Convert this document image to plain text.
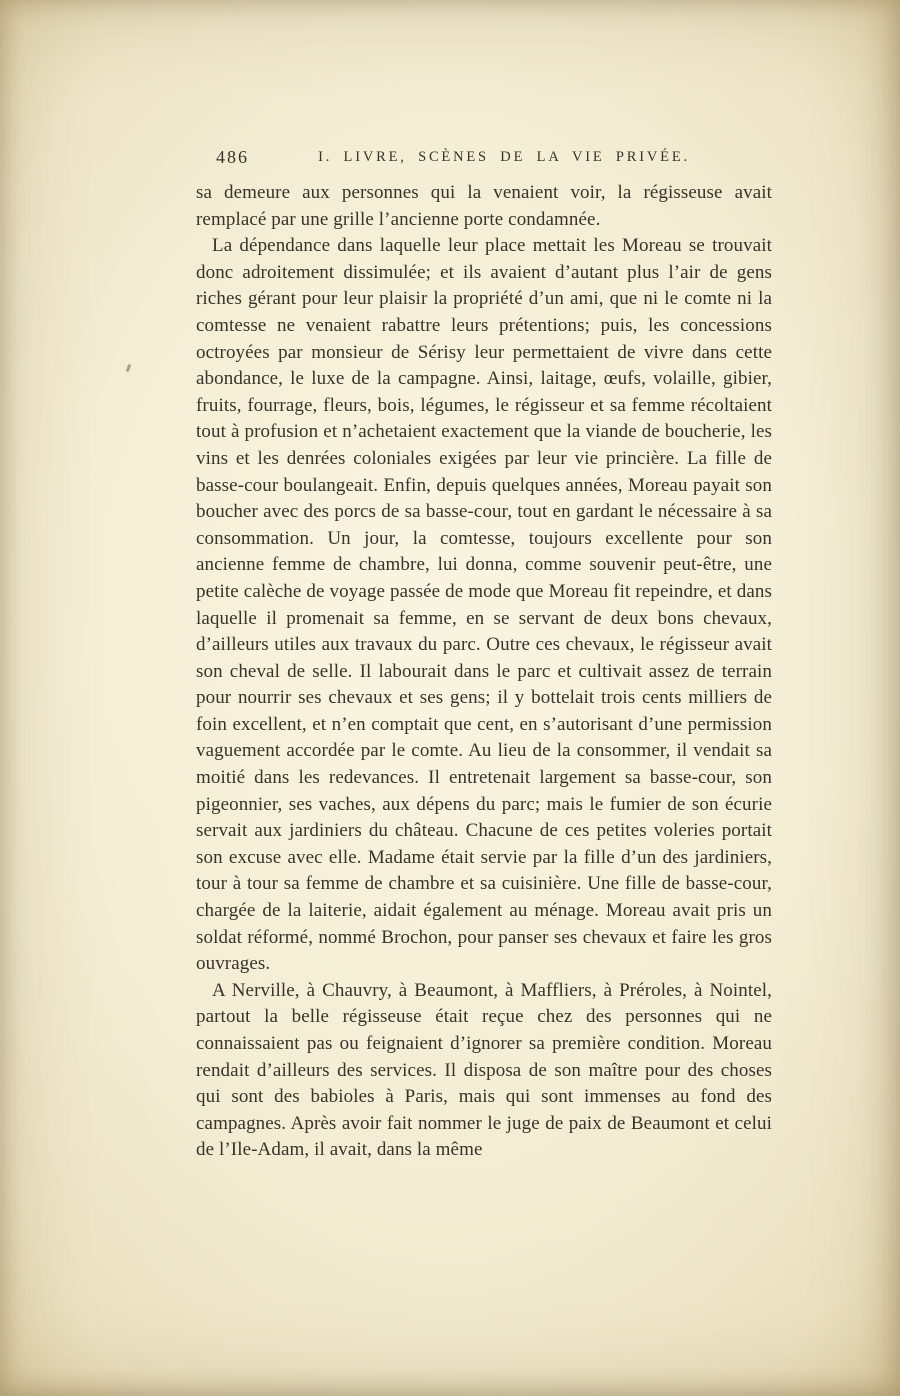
486	I. LIVRE, SCÈNES DE LA VIE PRIVÉE.

sa demeure aux personnes qui la venaient voir, la régisseuse avait remplacé par une grille l’ancienne porte condamnée.

La dépendance dans laquelle leur place mettait les Moreau se trouvait donc adroitement dissimulée; et ils avaient d’autant plus l’air de gens riches gérant pour leur plaisir la propriété d’un ami, que ni le comte ni la comtesse ne venaient rabattre leurs prétentions; puis, les concessions octroyées par monsieur de Sérisy leur permettaient de vivre dans cette abondance, le luxe de la campagne. Ainsi, laitage, œufs, volaille, gibier, fruits, fourrage, fleurs, bois, légumes, le régisseur et sa femme récoltaient tout à profusion et n’achetaient exactement que la viande de boucherie, les vins et les denrées coloniales exigées par leur vie princière. La fille de basse-cour boulangeait. Enfin, depuis quelques années, Moreau payait son boucher avec des porcs de sa basse-cour, tout en gardant le nécessaire à sa consommation. Un jour, la comtesse, toujours excellente pour son ancienne femme de chambre, lui donna, comme souvenir peut-être, une petite calèche de voyage passée de mode que Moreau fit repeindre, et dans laquelle il promenait sa femme, en se servant de deux bons chevaux, d’ailleurs utiles aux travaux du parc. Outre ces chevaux, le régisseur avait son cheval de selle. Il labourait dans le parc et cultivait assez de terrain pour nourrir ses chevaux et ses gens; il y bottelait trois cents milliers de foin excellent, et n’en comptait que cent, en s’autorisant d’une permission vaguement accordée par le comte. Au lieu de la consommer, il vendait sa moitié dans les redevances. Il entretenait largement sa basse-cour, son pigeonnier, ses vaches, aux dépens du parc; mais le fumier de son écurie servait aux jardiniers du château. Chacune de ces petites voleries portait son excuse avec elle. Madame était servie par la fille d’un des jardiniers, tour à tour sa femme de chambre et sa cuisinière. Une fille de basse-cour, chargée de la laiterie, aidait également au ménage. Moreau avait pris un soldat réformé, nommé Brochon, pour panser ses chevaux et faire les gros ouvrages.

A Nerville, à Chauvry, à Beaumont, à Maffliers, à Préroles, à Nointel, partout la belle régisseuse était reçue chez des personnes qui ne connaissaient pas ou feignaient d’ignorer sa première condition. Moreau rendait d’ailleurs des services. Il disposa de son maître pour des choses qui sont des babioles à Paris, mais qui sont immenses au fond des campagnes. Après avoir fait nommer le juge de paix de Beaumont et celui de l’Ile-Adam, il avait, dans la même
